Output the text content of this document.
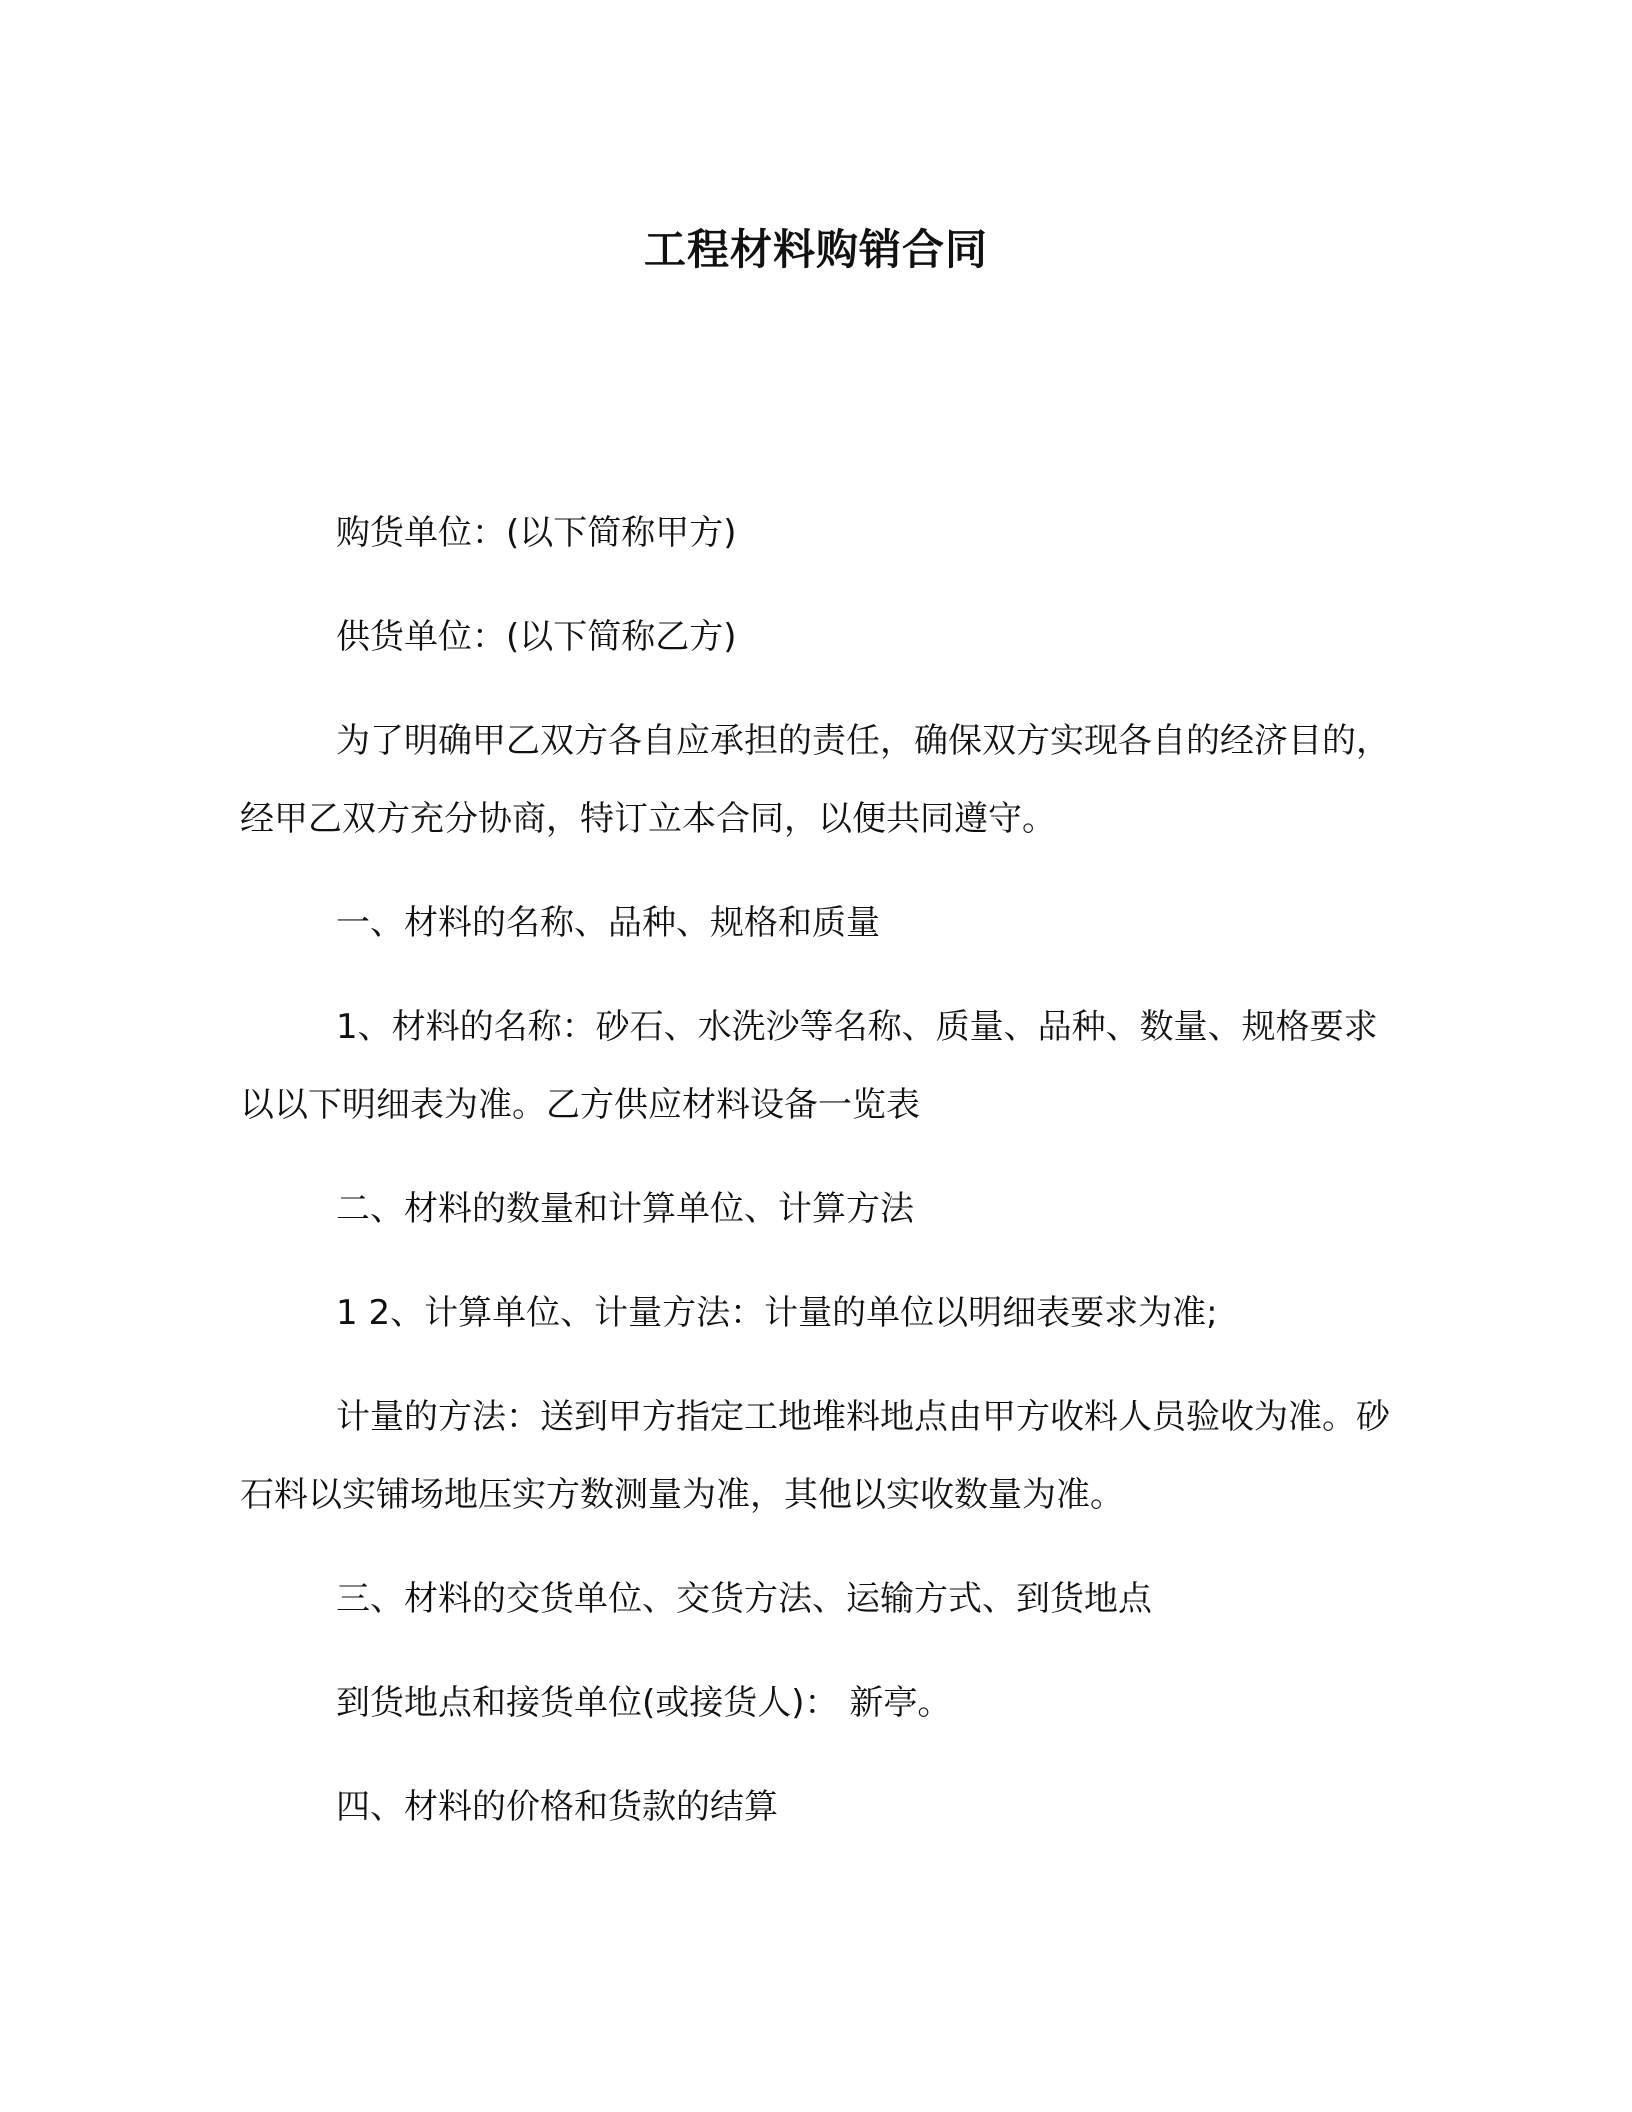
工程材料购销合同

购货单位：(以下简称甲方)

供货单位：(以下简称乙方)

为了明确甲乙双方各自应承担的责任，确保双方实现各自的经济目的，经甲乙双方充分协商，特订立本合同，以便共同遵守。

一、材料的名称、品种、规格和质量

1、材料的名称：砂石、水洗沙等名称、质量、品种、数量、规格要求以以下明细表为准。乙方供应材料设备一览表

二、材料的数量和计算单位、计算方法

1 2、计算单位、计量方法：计量的单位以明细表要求为准;

计量的方法：送到甲方指定工地堆料地点由甲方收料人员验收为准。砂石料以实铺场地压实方数测量为准，其他以实收数量为准。

三、材料的交货单位、交货方法、运输方式、到货地点

到货地点和接货单位(或接货人)： 新亭。

四、材料的价格和货款的结算
